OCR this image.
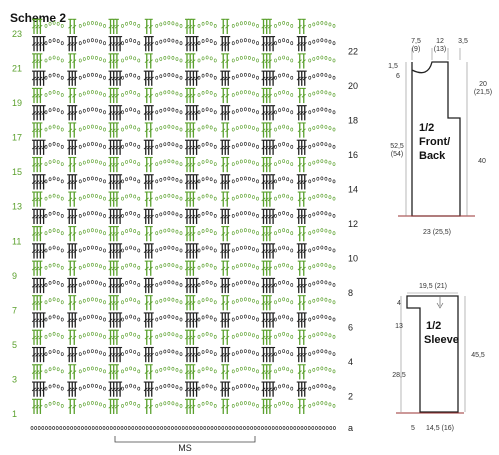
Scheme 2
MS
23
21
19
17
15
13
11
9
7
5
3
1
22
20
18
16
14
12
10
8
6
4
2
a
7,5
(9)
12
(13)
3,5
1,5
6
52,5
(54)
20
(21,5)
40
23 (25,5)
1/2
Front/
Back
19,5 (21)
4
13
28,5
45,5
5 14,5 (16)
1/2
Sleeve
